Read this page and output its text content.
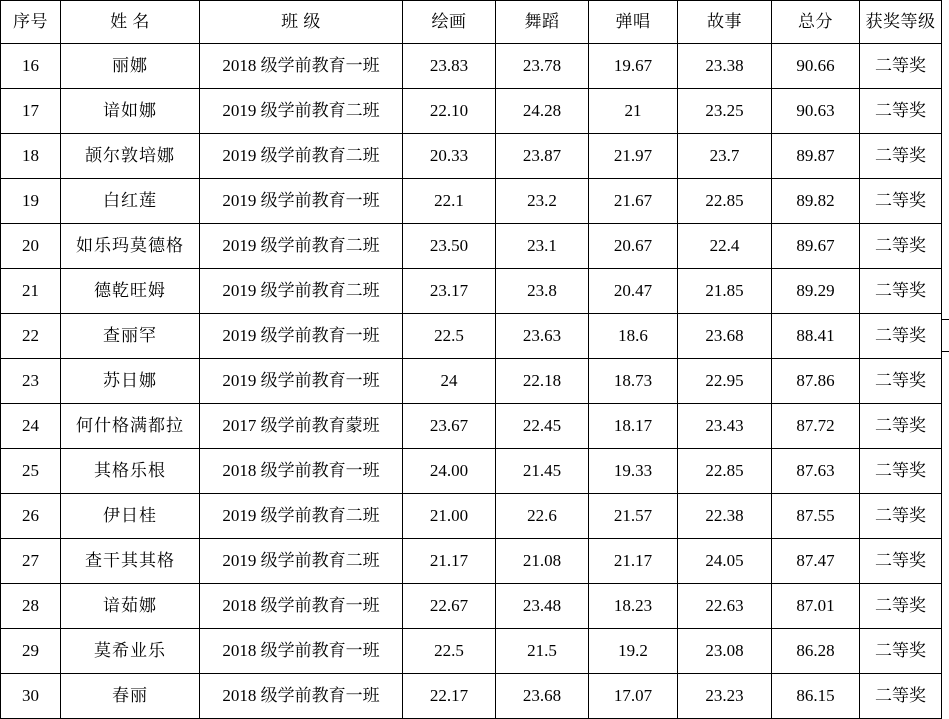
序号	姓 名	班 级	绘画	舞蹈	弹唱	故事	总分	获奖等级
16	丽娜	2018 级学前教育一班	23.83	23.78	19.67	23.38	90.66	二等奖
17	谙如娜	2019 级学前教育二班	22.10	24.28	21	23.25	90.63	二等奖
18	颉尔敦培娜	2019 级学前教育二班	20.33	23.87	21.97	23.7	89.87	二等奖
19	白红莲	2019 级学前教育一班	22.1	23.2	21.67	22.85	89.82	二等奖
20	如乐玛莫德格	2019 级学前教育二班	23.50	23.1	20.67	22.4	89.67	二等奖
21	德乾旺姆	2019 级学前教育二班	23.17	23.8	20.47	21.85	89.29	二等奖
22	查丽罕	2019 级学前教育一班	22.5	23.63	18.6	23.68	88.41	二等奖
23	苏日娜	2019 级学前教育一班	24	22.18	18.73	22.95	87.86	二等奖
24	何什格满都拉	2017 级学前教育蒙班	23.67	22.45	18.17	23.43	87.72	二等奖
25	其格乐根	2018 级学前教育一班	24.00	21.45	19.33	22.85	87.63	二等奖
26	伊日桂	2019 级学前教育二班	21.00	22.6	21.57	22.38	87.55	二等奖
27	查干其其格	2019 级学前教育二班	21.17	21.08	21.17	24.05	87.47	二等奖
28	谙茹娜	2018 级学前教育一班	22.67	23.48	18.23	22.63	87.01	二等奖
29	莫希业乐	2018 级学前教育一班	22.5	21.5	19.2	23.08	86.28	二等奖
30	春丽	2018 级学前教育一班	22.17	23.68	17.07	23.23	86.15	二等奖
